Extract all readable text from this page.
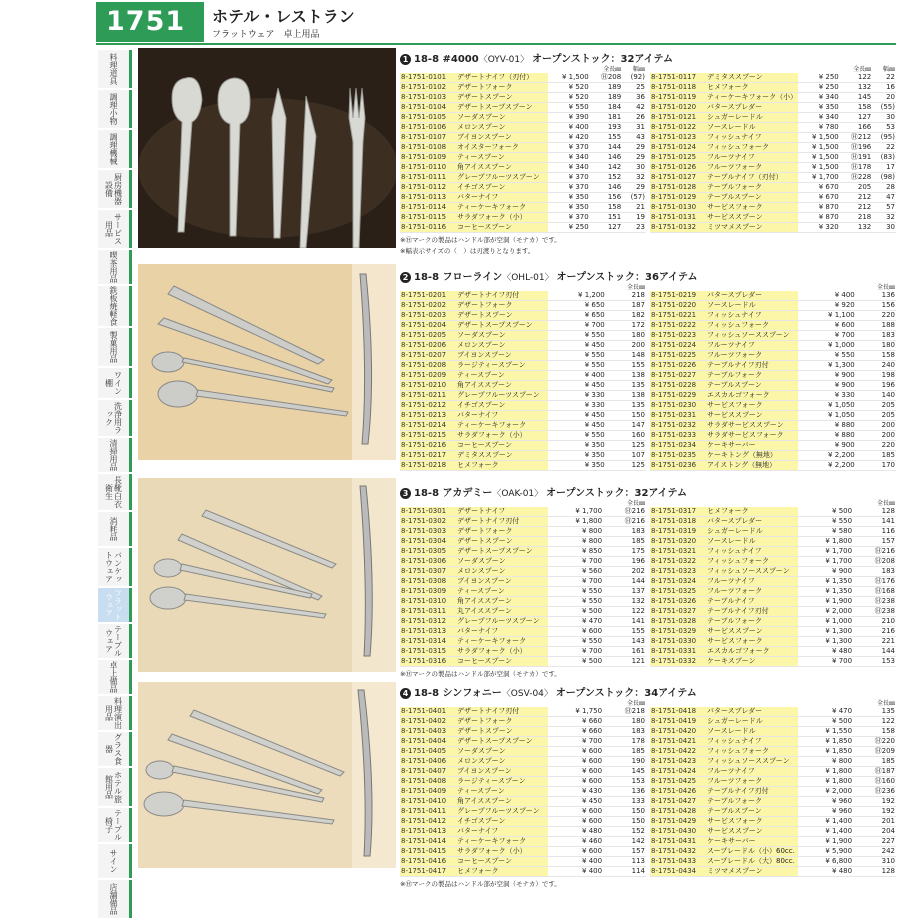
1751	ホテル・レストラン
フラットウェア　卓上用品
料理道具
調理小物
調理機械
厨房機器設備
サービス用品
喫茶用品
鉄板焼軽食
製菓用品
ワイン棚
洗浄用ラック
清掃用品
長靴白衣衛生
消耗品
バンケットウェア
フラットウェア
テーブルウェア
卓上備品
料理演出用品
グラス食器
ホテル旅館用品
テーブル椅子
サイン
店舗備品
1 18-8 #4000〈OYV-01〉 オープンストック：32アイテム
			全長㎜	幅㎜
8-1751-0101	デザートナイフ（刃付）	¥ 1,500	Ⓗ208	(92)
8-1751-0102	デザートフォーク	¥ 520	189	25
8-1751-0103	デザートスプーン	¥ 520	189	36
8-1751-0104	デザートスープスプーン	¥ 550	184	42
8-1751-0105	ソーダスプーン	¥ 390	181	26
8-1751-0106	メロンスプーン	¥ 400	193	31
8-1751-0107	ブイヨンスプーン	¥ 420	155	43
8-1751-0108	オイスターフォーク	¥ 370	144	29
8-1751-0109	ティースプーン	¥ 340	146	29
8-1751-0110	角アイススプーン	¥ 340	142	30
8-1751-0111	グレープフルーツスプーン	¥ 370	152	32
8-1751-0112	イチゴスプーン	¥ 370	146	29
8-1751-0113	バターナイフ	¥ 350	156	(57)
8-1751-0114	ティーケーキフォーク	¥ 350	158	21
8-1751-0115	サラダフォーク（小）	¥ 370	151	19
8-1751-0116	コーヒースプーン	¥ 250	127	23
			全長㎜	幅㎜
8-1751-0117	デミタススプーン	¥ 250	122	22
8-1751-0118	ヒメフォーク	¥ 250	132	16
8-1751-0119	ティーケーキフォーク（小）	¥ 340	145	20
8-1751-0120	バタースプレダー	¥ 350	158	(55)
8-1751-0121	シュガーレードル	¥ 340	127	30
8-1751-0122	ソースレードル	¥ 780	166	53
8-1751-0123	フィッシュナイフ	¥ 1,500	Ⓗ212	(95)
8-1751-0124	フィッシュフォーク	¥ 1,500	Ⓗ196	22
8-1751-0125	フルーツナイフ	¥ 1,500	Ⓗ191	(83)
8-1751-0126	フルーツフォーク	¥ 1,500	Ⓗ178	17
8-1751-0127	テーブルナイフ（刃付）	¥ 1,700	Ⓗ228	(98)
8-1751-0128	テーブルフォーク	¥ 670	205	28
8-1751-0129	テーブルスプーン	¥ 670	212	47
8-1751-0130	サービスフォーク	¥ 870	212	57
8-1751-0131	サービススプーン	¥ 870	218	32
8-1751-0132	ミツマメスプーン	¥ 320	132	30
※Ⓗマークの製品はハンドル部が空洞（モナカ）です。
※幅表示サイズの（　）は刃渡りとなります。
2 18-8 フローライン〈OHL-01〉 オープンストック：36アイテム
			全長㎜
8-1751-0201	デザートナイフ刃付	¥ 1,200	218
8-1751-0202	デザートフォーク	¥ 650	187
8-1751-0203	デザートスプーン	¥ 650	182
8-1751-0204	デザートスープスプーン	¥ 700	172
8-1751-0205	ソーダスプーン	¥ 550	180
8-1751-0206	メロンスプーン	¥ 450	200
8-1751-0207	ブイヨンスプーン	¥ 550	148
8-1751-0208	ラージティースプーン	¥ 550	155
8-1751-0209	ティースプーン	¥ 400	138
8-1751-0210	角アイススプーン	¥ 450	135
8-1751-0211	グレープフルーツスプーン	¥ 330	138
8-1751-0212	イチゴスプーン	¥ 330	135
8-1751-0213	バターナイフ	¥ 450	150
8-1751-0214	ティーケーキフォーク	¥ 450	147
8-1751-0215	サラダフォーク（小）	¥ 550	160
8-1751-0216	コーヒースプーン	¥ 350	125
8-1751-0217	デミタススプーン	¥ 350	107
8-1751-0218	ヒメフォーク	¥ 350	125
			全長㎜
8-1751-0219	バタースプレダー	¥ 400	136
8-1751-0220	ソースレードル	¥ 920	156
8-1751-0221	フィッシュナイフ	¥ 1,100	220
8-1751-0222	フィッシュフォーク	¥ 600	188
8-1751-0223	フィッシュソーススプーン	¥ 700	183
8-1751-0224	フルーツナイフ	¥ 1,000	180
8-1751-0225	フルーツフォーク	¥ 550	158
8-1751-0226	テーブルナイフ刃付	¥ 1,300	240
8-1751-0227	テーブルフォーク	¥ 900	198
8-1751-0228	テーブルスプーン	¥ 900	196
8-1751-0229	エスカルゴフォーク	¥ 330	140
8-1751-0230	サービスフォーク	¥ 1,050	205
8-1751-0231	サービススプーン	¥ 1,050	205
8-1751-0232	サラダサービススプーン	¥ 880	200
8-1751-0233	サラダサービスフォーク	¥ 880	200
8-1751-0234	ケーキサーバー	¥ 900	220
8-1751-0235	ケーキトング（無地）	¥ 2,200	185
8-1751-0236	アイストング（無地）	¥ 2,200	170
3 18-8 アカデミー〈OAK-01〉 オープンストック：32アイテム
			全長㎜
8-1751-0301	デザートナイフ	¥ 1,700	Ⓗ216
8-1751-0302	デザートナイフ刃付	¥ 1,800	Ⓗ216
8-1751-0303	デザートフォーク	¥ 800	183
8-1751-0304	デザートスプーン	¥ 800	185
8-1751-0305	デザートスープスプーン	¥ 850	175
8-1751-0306	ソーダスプーン	¥ 700	196
8-1751-0307	メロンスプーン	¥ 560	202
8-1751-0308	ブイヨンスプーン	¥ 700	144
8-1751-0309	ティースプーン	¥ 550	137
8-1751-0310	角アイススプーン	¥ 550	132
8-1751-0311	丸アイススプーン	¥ 500	122
8-1751-0312	グレープフルーツスプーン	¥ 470	141
8-1751-0313	バターナイフ	¥ 600	155
8-1751-0314	ティーケーキフォーク	¥ 550	143
8-1751-0315	サラダフォーク（小）	¥ 700	161
8-1751-0316	コーヒースプーン	¥ 500	121
			全長㎜
8-1751-0317	ヒメフォーク	¥ 500	128
8-1751-0318	バタースプレダー	¥ 550	141
8-1751-0319	シュガーレードル	¥ 580	116
8-1751-0320	ソースレードル	¥ 1,800	157
8-1751-0321	フィッシュナイフ	¥ 1,700	Ⓗ216
8-1751-0322	フィッシュフォーク	¥ 1,700	Ⓗ208
8-1751-0323	フィッシュソーススプーン	¥ 900	183
8-1751-0324	フルーツナイフ	¥ 1,350	Ⓗ176
8-1751-0325	フルーツフォーク	¥ 1,350	Ⓗ168
8-1751-0326	テーブルナイフ	¥ 1,900	Ⓗ238
8-1751-0327	テーブルナイフ刃付	¥ 2,000	Ⓗ238
8-1751-0328	テーブルフォーク	¥ 1,000	210
8-1751-0329	サービススプーン	¥ 1,300	216
8-1751-0330	サービスフォーク	¥ 1,300	221
8-1751-0331	エスカルゴフォーク	¥ 480	144
8-1751-0332	ケーキスプーン	¥ 700	153
※Ⓗマークの製品はハンドル部が空洞（モナカ）です。
4 18-8 シンフォニー〈OSV-04〉 オープンストック：34アイテム
			全長㎜
8-1751-0401	デザートナイフ刃付	¥ 1,750	Ⓗ218
8-1751-0402	デザートフォーク	¥ 660	180
8-1751-0403	デザートスプーン	¥ 660	183
8-1751-0404	デザートスープスプーン	¥ 700	178
8-1751-0405	ソーダスプーン	¥ 600	185
8-1751-0406	メロンスプーン	¥ 600	190
8-1751-0407	ブイヨンスプーン	¥ 600	145
8-1751-0408	ラージティースプーン	¥ 600	153
8-1751-0409	ティースプーン	¥ 430	136
8-1751-0410	角アイススプーン	¥ 450	133
8-1751-0411	グレープフルーツスプーン	¥ 600	150
8-1751-0412	イチゴスプーン	¥ 600	150
8-1751-0413	バターナイフ	¥ 480	152
8-1751-0414	ティーケーキフォーク	¥ 460	142
8-1751-0415	サラダフォーク（小）	¥ 600	157
8-1751-0416	コーヒースプーン	¥ 400	113
8-1751-0417	ヒメフォーク	¥ 400	114
			全長㎜
8-1751-0418	バタースプレダー	¥ 470	135
8-1751-0419	シュガーレードル	¥ 500	122
8-1751-0420	ソースレードル	¥ 1,550	158
8-1751-0421	フィッシュナイフ	¥ 1,850	Ⓗ220
8-1751-0422	フィッシュフォーク	¥ 1,850	Ⓗ209
8-1751-0423	フィッシュソーススプーン	¥ 800	185
8-1751-0424	フルーツナイフ	¥ 1,800	Ⓗ187
8-1751-0425	フルーツフォーク	¥ 1,800	Ⓗ160
8-1751-0426	テーブルナイフ刃付	¥ 2,000	Ⓗ236
8-1751-0427	テーブルフォーク	¥ 960	192
8-1751-0428	テーブルスプーン	¥ 960	192
8-1751-0429	サービスフォーク	¥ 1,400	201
8-1751-0430	サービススプーン	¥ 1,400	204
8-1751-0431	ケーキサーバー	¥ 1,900	227
8-1751-0432	スープレードル（小）60cc.	¥ 5,900	242
8-1751-0433	スープレードル（大）80cc.	¥ 6,800	310
8-1751-0434	ミツマメスプーン	¥ 480	128
※Ⓗマークの製品はハンドル部が空洞（モナカ）です。
